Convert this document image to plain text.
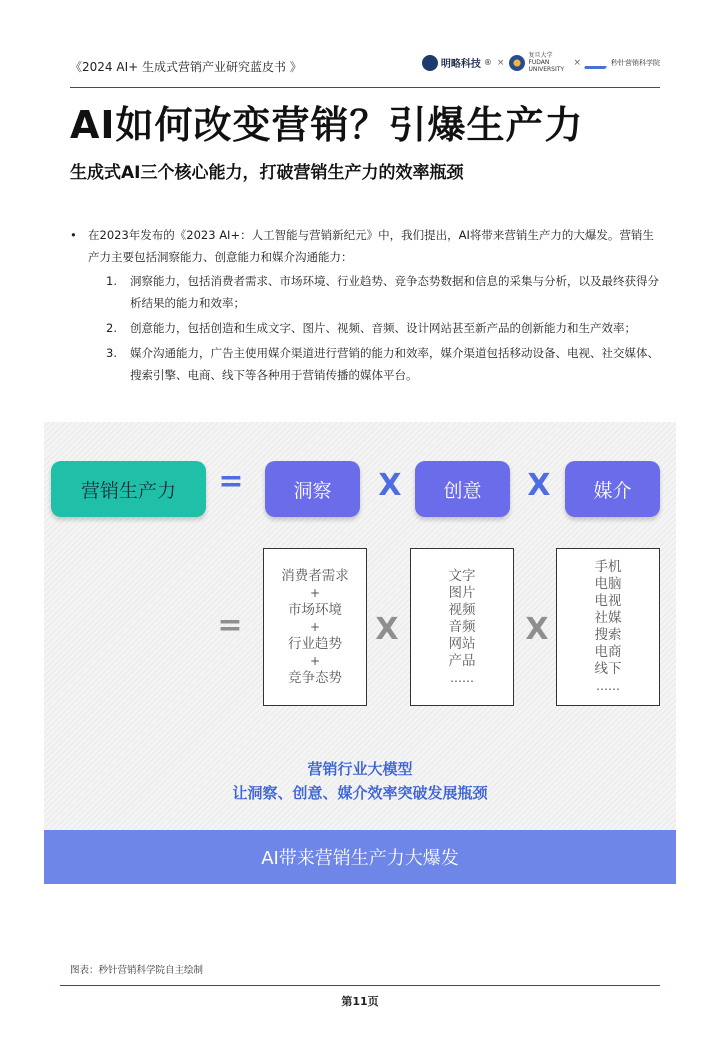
《2024 AI+ 生成式营销产业研究蓝皮书 》	明略科技 ® ×
复旦大学 FUDAN UNIVERSITY
×	秒针营销科学院
AI如何改变营销？引爆生产力
生成式AI三个核心能力，打破营销生产力的效率瓶颈
• 在2023年发布的《2023 AI+：人工智能与营销新纪元》中，我们提出，AI将带来营销生产力的大爆发。营销生产力主要包括洞察能力、创意能力和媒介沟通能力：
1.	洞察能力，包括消费者需求、市场环境、行业趋势、竞争态势数据和信息的采集与分析，以及最终获得分析结果的能力和效率；
2.	创意能力，包括创造和生成文字、图片、视频、音频、设计网站甚至新产品的创新能力和生产效率；
3.	媒介沟通能力，广告主使用媒介渠道进行营销的能力和效率，媒介渠道包括移动设备、电视、社交媒体、搜索引擎、电商、线下等各种用于营销传播的媒体平台。
营销生产力	=	洞察	X	创意	X	媒介
=
消费者需求
+
市场环境
+
行业趋势
+
竞争态势
X
文字
图片
视频
音频
网站
产品
……
X
手机
电脑
电视
社媒
搜索
电商
线下
……
营销行业大模型
让洞察、创意、媒介效率突破发展瓶颈
AI带来营销生产力大爆发
图表：秒针营销科学院自主绘制
第11页
